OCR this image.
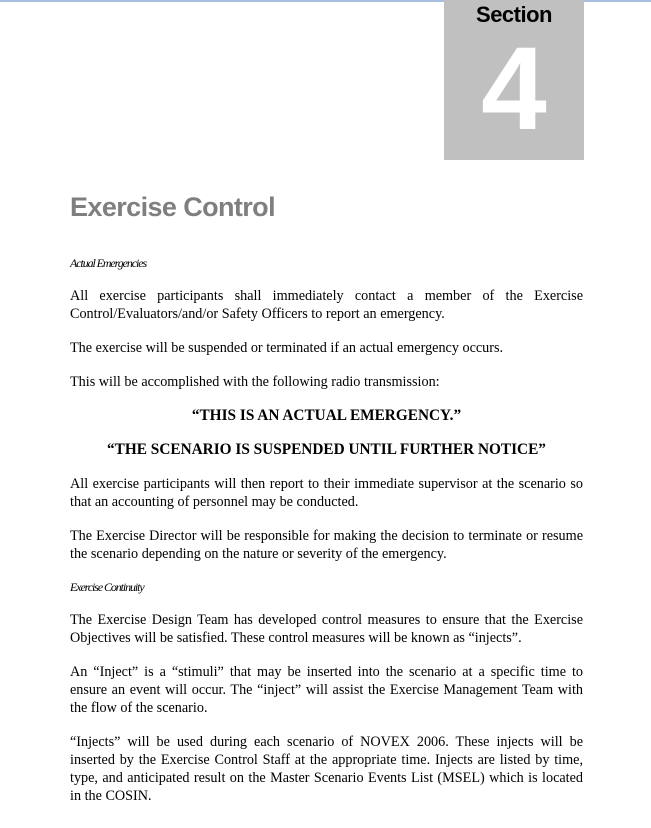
Section
4
Exercise Control
Actual Emergencies

All exercise participants shall immediately contact a member of the Exercise Control/Evaluators/and/or Safety Officers to report an emergency.

The exercise will be suspended or terminated if an actual emergency occurs.

This will be accomplished with the following radio transmission:

“THIS IS AN ACTUAL EMERGENCY.”

“THE SCENARIO IS SUSPENDED UNTIL FURTHER NOTICE”

All exercise participants will then report to their immediate supervisor at the scenario so that an accounting of personnel may be conducted.

The Exercise Director will be responsible for making the decision to terminate or resume the scenario depending on the nature or severity of the emergency.

Exercise Continuity

The Exercise Design Team has developed control measures to ensure that the Exercise Objectives will be satisfied. These control measures will be known as “injects”.

An “Inject” is a “stimuli” that may be inserted into the scenario at a specific time to ensure an event will occur. The “inject” will assist the Exercise Management Team with the flow of the scenario.

“Injects” will be used during each scenario of NOVEX 2006. These injects will be inserted by the Exercise Control Staff at the appropriate time. Injects are listed by time, type, and anticipated result on the Master Scenario Events List (MSEL) which is located in the COSIN.
